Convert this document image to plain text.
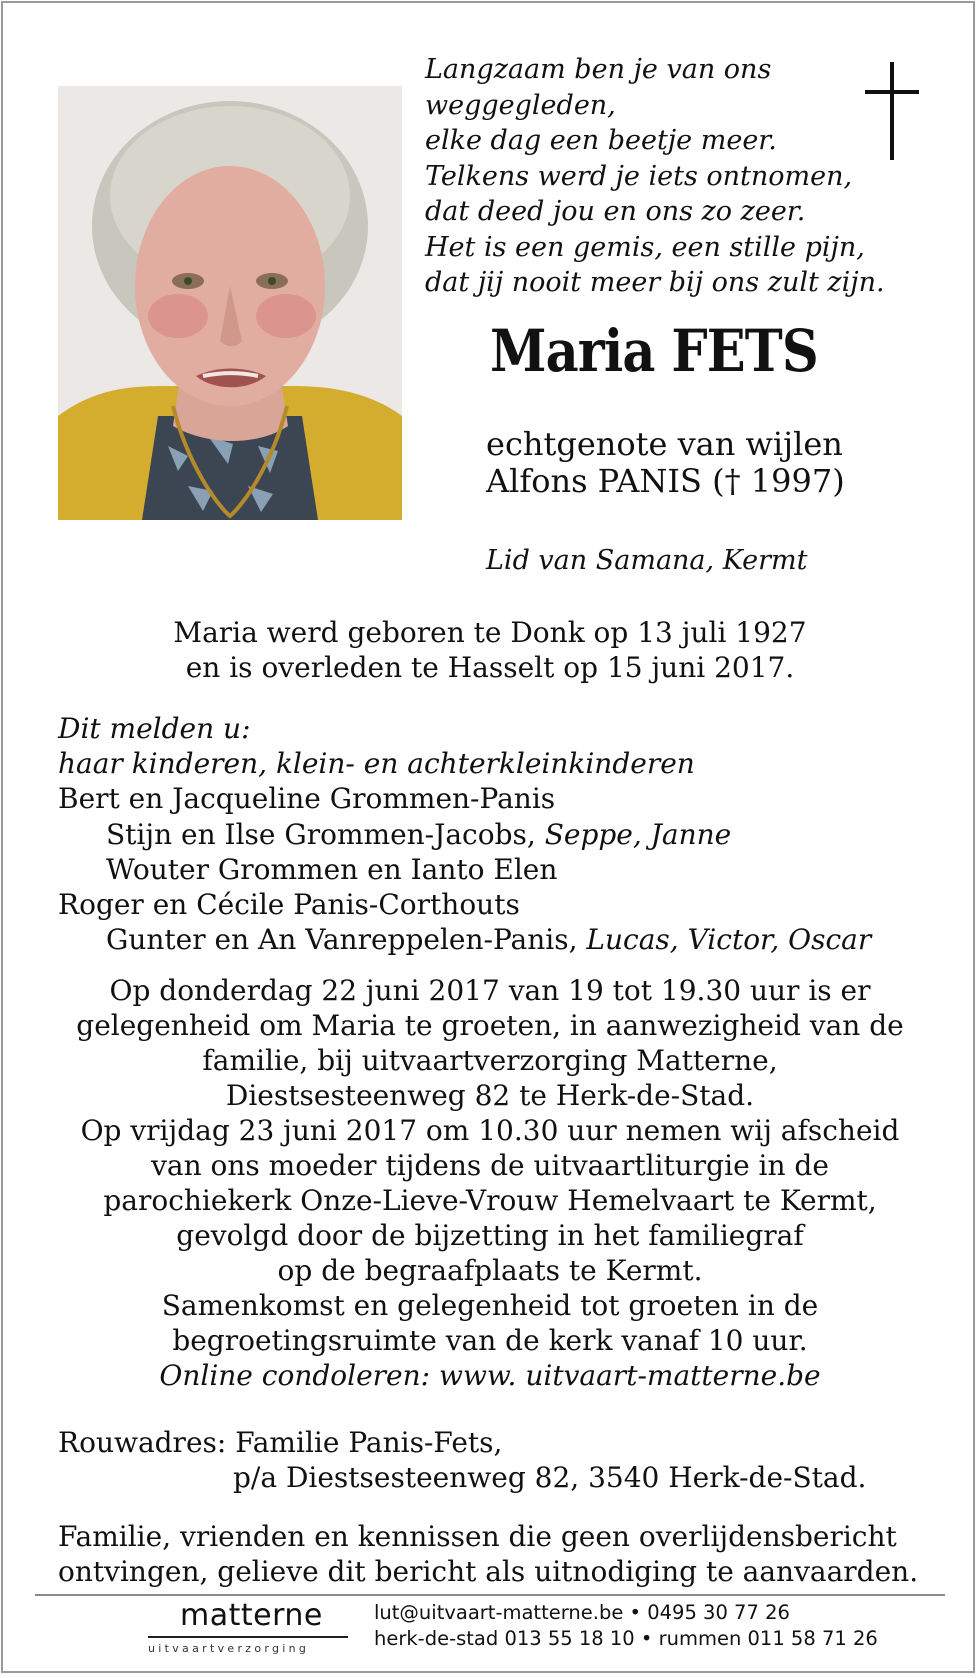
Langzaam ben je van ons
weggegleden,
elke dag een beetje meer.
Telkens werd je iets ontnomen,
dat deed jou en ons zo zeer.
Het is een gemis, een stille pijn,
dat jij nooit meer bij ons zult zijn.
Maria FETS
echtgenote van wijlen
Alfons PANIS († 1997)
Lid van Samana, Kermt
Maria werd geboren te Donk op 13 juli 1927
en is overleden te Hasselt op 15 juni 2017.
Dit melden u:
haar kinderen, klein- en achterkleinkinderen
Bert en Jacqueline Grommen-Panis
Stijn en Ilse Grommen-Jacobs, Seppe, Janne
Wouter Grommen en Ianto Elen
Roger en Cécile Panis-Corthouts
Gunter en An Vanreppelen-Panis, Lucas, Victor, Oscar
Op donderdag 22 juni 2017 van 19 tot 19.30 uur is er
gelegenheid om Maria te groeten, in aanwezigheid van de
familie, bij uitvaartverzorging Matterne,
Diestsesteenweg 82 te Herk-de-Stad.
Op vrijdag 23 juni 2017 om 10.30 uur nemen wij afscheid
van ons moeder tijdens de uitvaartliturgie in de
parochiekerk Onze-Lieve-Vrouw Hemelvaart te Kermt,
gevolgd door de bijzetting in het familiegraf
op de begraafplaats te Kermt.
Samenkomst en gelegenheid tot groeten in de
begroetingsruimte van de kerk vanaf 10 uur.
Online condoleren: www. uitvaart-matterne.be
Rouwadres: Familie Panis-Fets,
p/a Diestsesteenweg 82, 3540 Herk-de-Stad.
Familie, vrienden en kennissen die geen overlijdensbericht
ontvingen, gelieve dit bericht als uitnodiging te aanvaarden.
matterne
uitvaartverzorging
lut@uitvaart-matterne.be • 0495 30 77 26
herk-de-stad 013 55 18 10 • rummen 011 58 71 26
